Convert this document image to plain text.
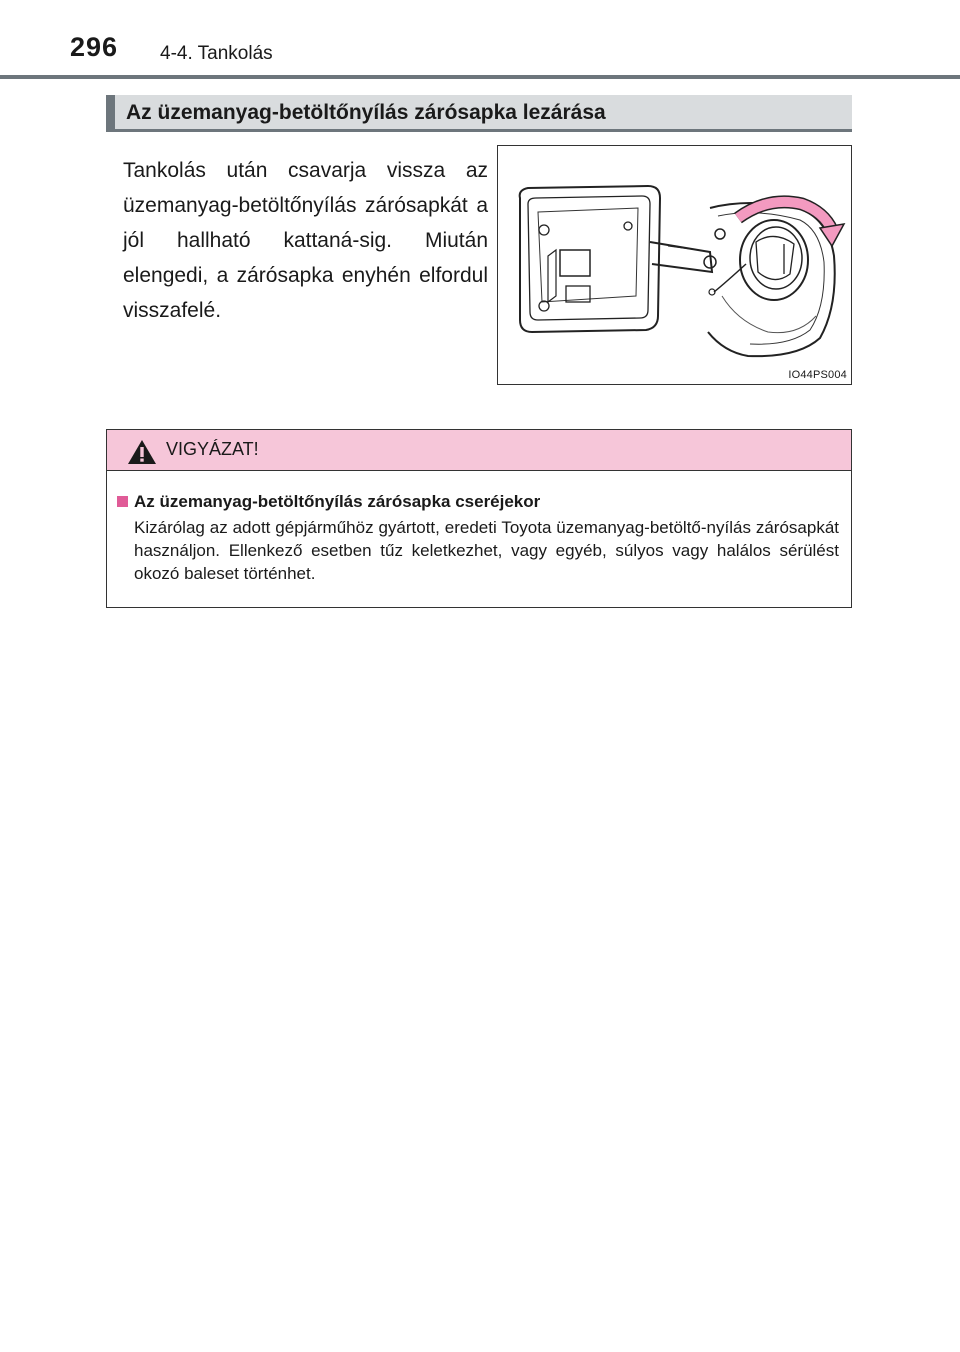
296 4-4. Tankolás
Az üzemanyag-betöltőnyílás zárósapka lezárása
Tankolás után csavarja vissza az üzemanyag-betöltőnyílás zárósapkát a jól hallható kattaná-sig. Miután elengedi, a zárósapka enyhén elfordul visszafelé.
IO44PS004
VIGYÁZAT!
Az üzemanyag-betöltőnyílás zárósapka cseréjekor
Kizárólag az adott gépjárműhöz gyártott, eredeti Toyota üzemanyag-betöltő-nyílás zárósapkát használjon. Ellenkező esetben tűz keletkezhet, vagy egyéb, súlyos vagy halálos sérülést okozó baleset történhet.
